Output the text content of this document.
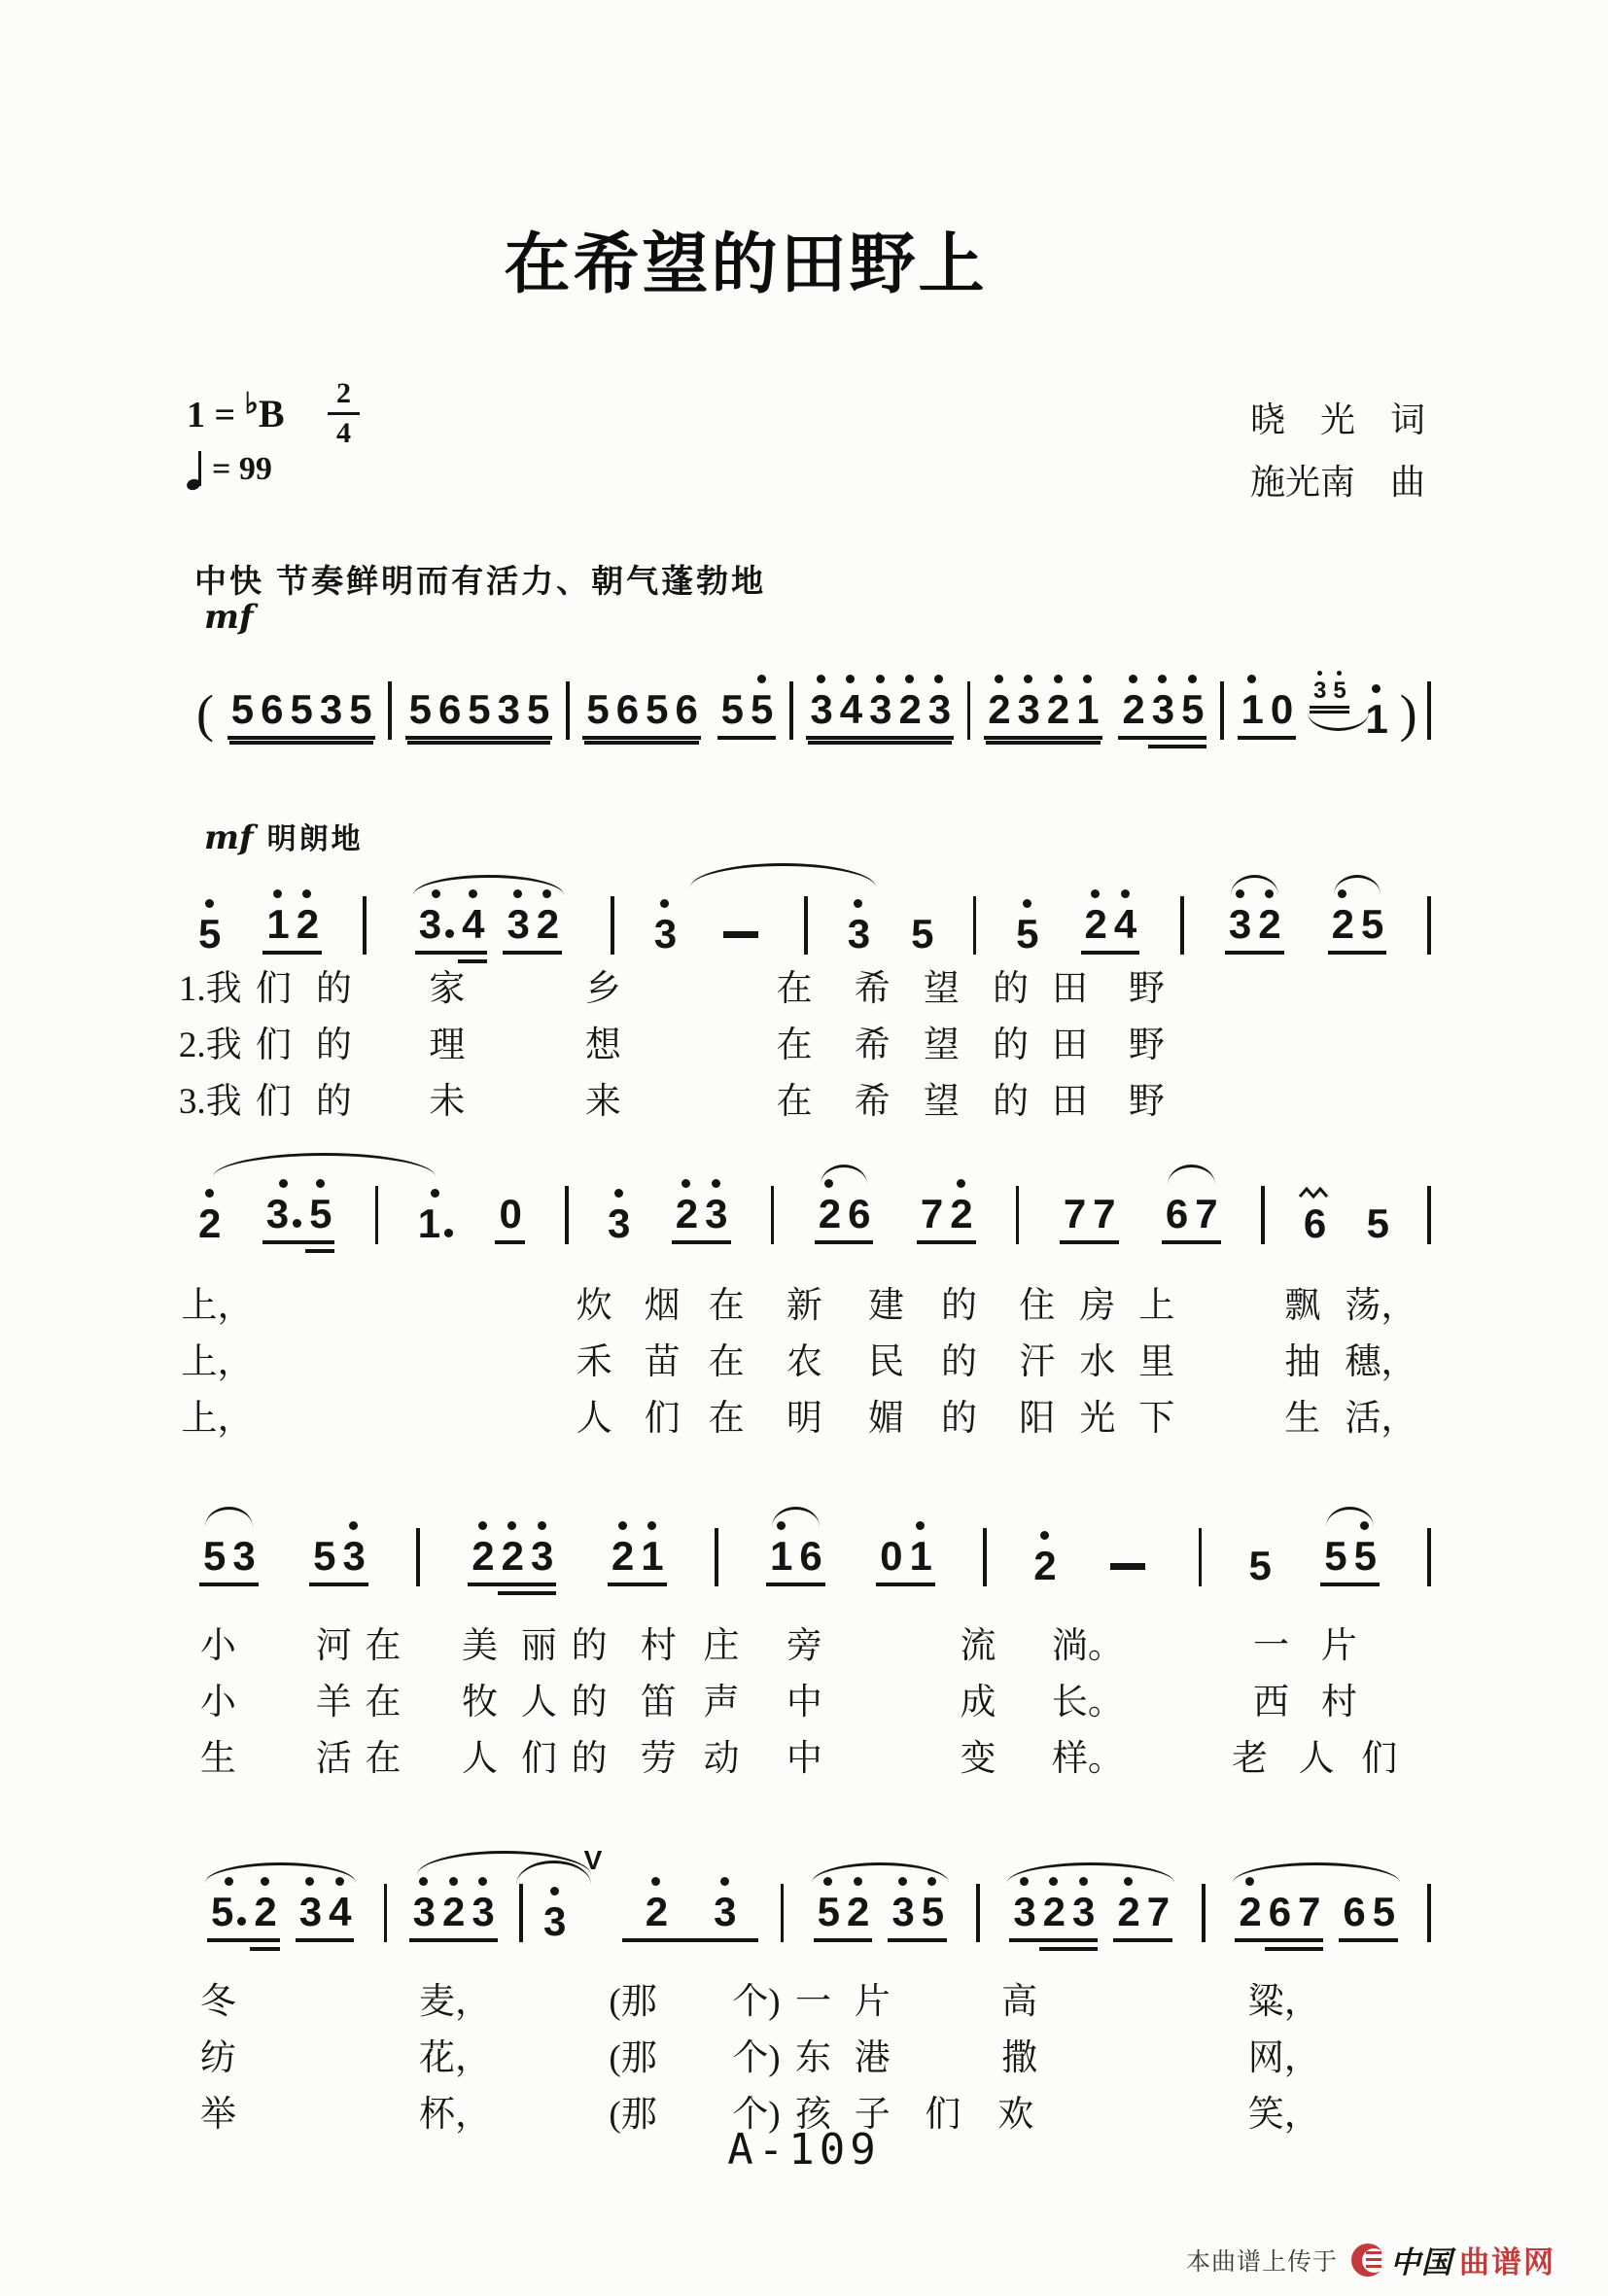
在希望的田野上
$1 = ^♭B \frac{2}{4}$
= 99
晓　光　词
施光南　曲
中快 节奏鲜明而有活力、朝气蓬勃地
mf
( 5 6 5 3 5 5 6 5 3 5 5 6 5 6 5 5 3 4 3 2 3 2 3 2 1 2 3 5 1 0 3 5
1 )
mf 明朗地
5 1 2 3 4 3 2 3	3 5 5 2 4 3 2 2 5
1.我 们 的 家	乡	在 希 望 的 田 野
2.我 们 的 理	想	在 希 望 的 田 野
3.我 们 的 未	来	在 希 望 的 田 野
2 3 5 1 0 3 2 3 2 6 7 2 7 7 6 7 6 5
上，	炊 烟 在 新 建 的 住 房 上	飘 荡，
上，	禾 苗 在 农 民 的 汗 水 里	抽 穗，
上，	人 们 在 明 媚 的 阳 光 下	生 活，
5 3 5 3	2 2 3 2 1	1 6 0 1	2	5 5 5
小 河 在 美 丽 的 村 庄 旁	流 淌。	一 片
小 羊 在 牧 人 的 笛 声 中	成 长。	西 村
生 活 在 人 们 的 劳 动 中	变 样。	老 人 们
5 2 3 4 3 2 3 3
V
2 3 5 2 3 5 3 2 3 2 7 2 6 7 6 5
冬	麦，	(那 个) 一 片	高	粱，
纺	花，	(那 个) 东 港	撒	网，
举	杯，	(那 个) 孩 子 们 欢	笑，
A-109
本曲谱上传于 中国 曲谱网
